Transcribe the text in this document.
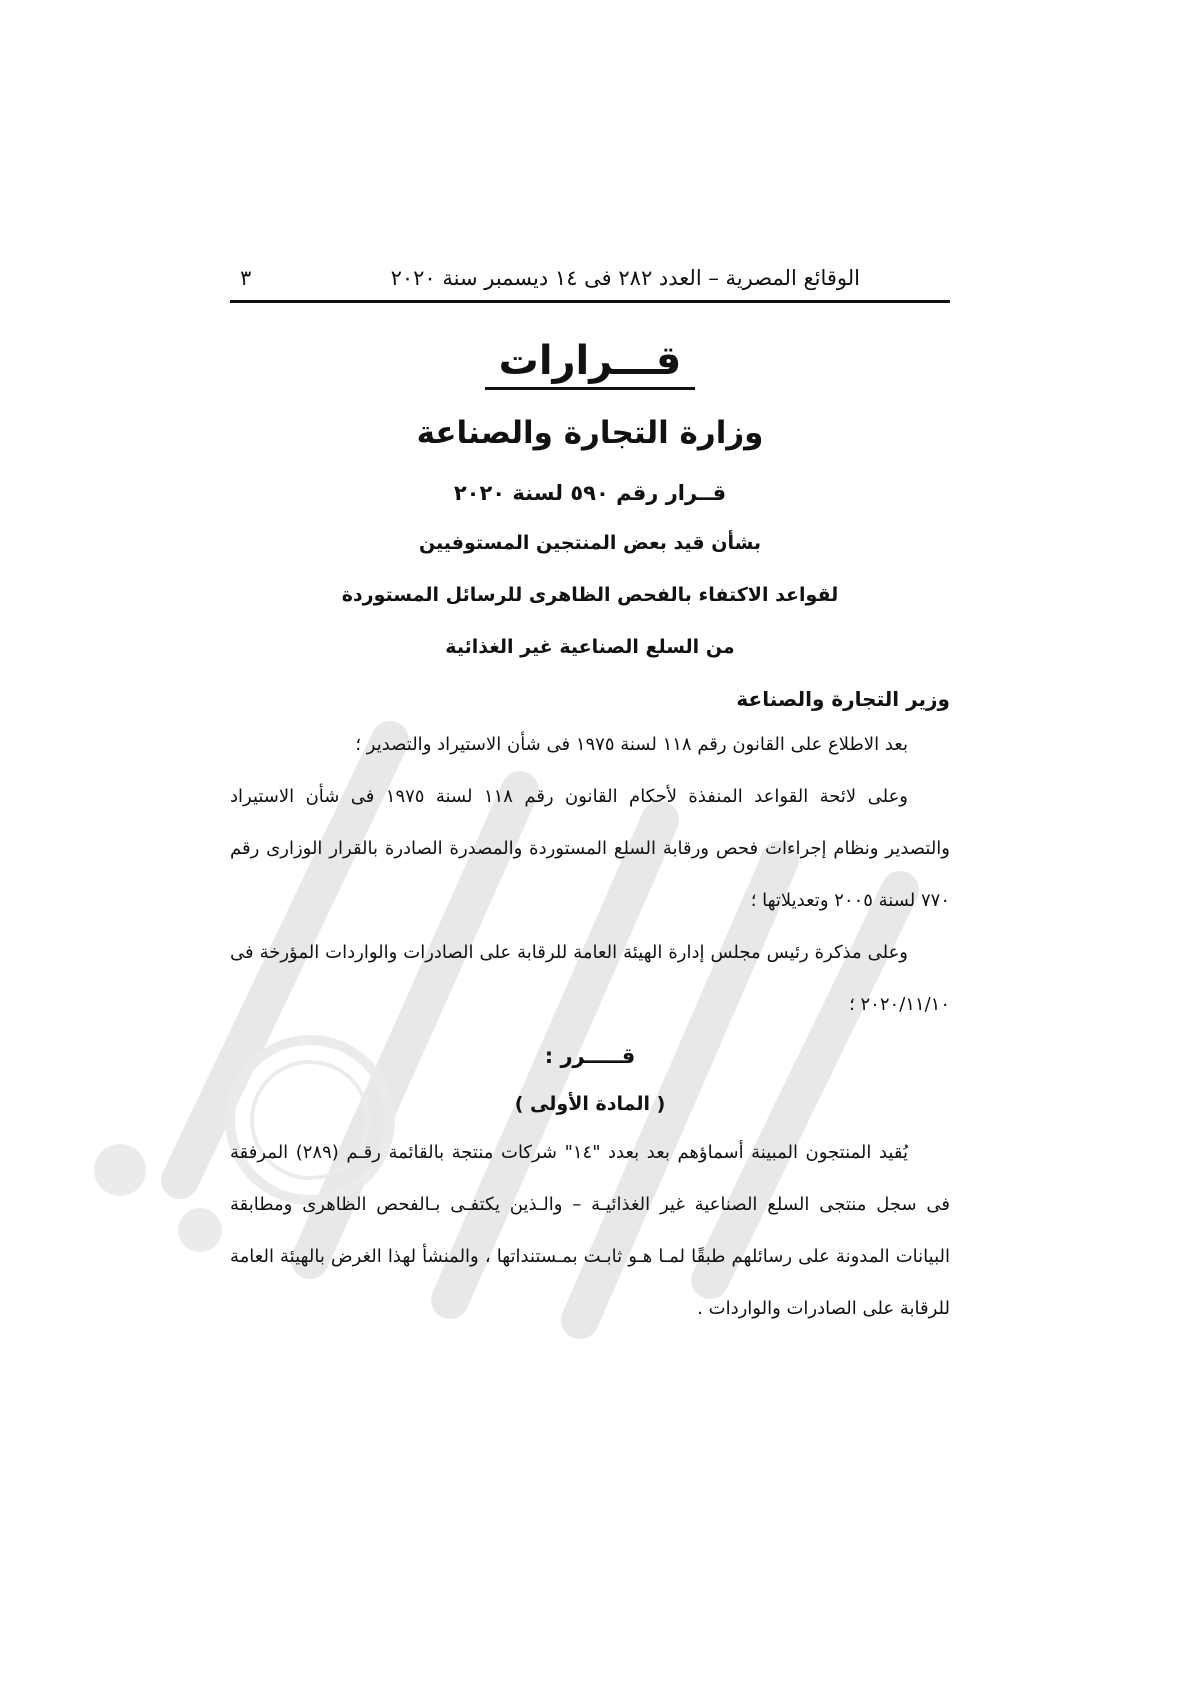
الوقائع المصرية – العدد ٢٨٢ فى ١٤ ديسمبر سنة ٢٠٢٠
٣
قـــرارات
وزارة التجارة والصناعة
قــرار رقم ٥٩٠ لسنة ٢٠٢٠
بشأن قيد بعض المنتجين المستوفيين
لقواعد الاكتفاء بالفحص الظاهرى للرسائل المستوردة
من السلع الصناعية غير الغذائية
وزير التجارة والصناعة

بعد الاطلاع على القانون رقم ١١٨ لسنة ١٩٧٥ فى شأن الاستيراد والتصدير ؛

وعلى لائحة القواعد المنفذة لأحكام القانون رقم ١١٨ لسنة ١٩٧٥ فى شأن الاستيراد والتصدير ونظام إجراءات فحص ورقابة السلع المستوردة والمصدرة الصادرة بالقرار الوزارى رقم ٧٧٠ لسنة ٢٠٠٥ وتعديلاتها ؛

وعلى مذكرة رئيس مجلس إدارة الهيئة العامة للرقابة على الصادرات والواردات المؤرخة فى ٢٠٢٠/١١/١٠ ؛

قـــــرر :
( المادة الأولى )

يُقيد المنتجون المبينة أسماؤهم بعد بعدد "١٤" شركات منتجة بالقائمة رقـم (٢٨٩) المرفقة فى سجل منتجى السلع الصناعية غير الغذائيـة – والـذين يكتفـى بـالفحص الظاهرى ومطابقة البيانات المدونة على رسائلهم طبقًا لمـا هـو ثابـت بمـستنداتها ، والمنشأ لهذا الغرض بالهيئة العامة للرقابة على الصادرات والواردات .
